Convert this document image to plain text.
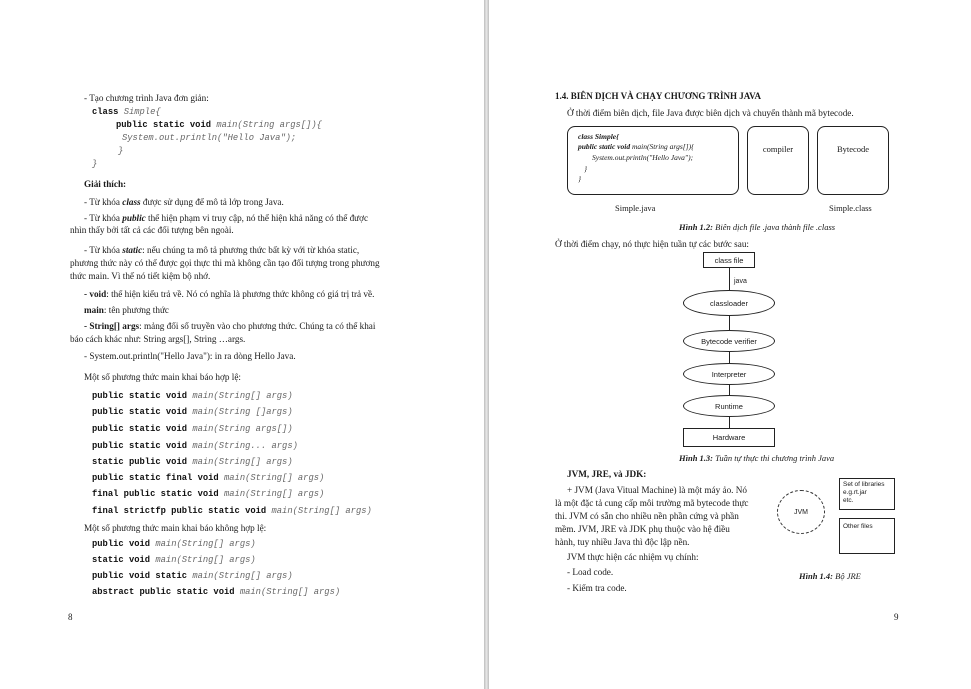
- Tạo chương trình Java đơn giản:
class Simple{
public static void main(String args[]){
System.out.println("Hello Java");
}
}
Giải thích:
- Từ khóa class được sử dụng để mô tả lớp trong Java.
- Từ khóa public thể hiện phạm vi truy cập, nó thể hiện khả năng có thể được
nhìn thấy bởi tất cả các đối tượng bên ngoài.
- Từ khóa static: nếu chúng ta mô tả phương thức bất kỳ với từ khóa static,
phương thức này có thể được gọi thực thi mà không cần tạo đối tượng trong phương
thức main. Vì thế nó tiết kiệm bộ nhớ.
- void: thể hiện kiểu trả về. Nó có nghĩa là phương thức không có giá trị trả về.
main: tên phương thức
- String[] args: mảng đối số truyền vào cho phương thức. Chúng ta có thể khai
báo cách khác như: String args[], String …args.
- System.out.println("Hello Java"): in ra dòng Hello Java.
Một số phương thức main khai báo hợp lệ:
public static void main(String[] args)
public static void main(String []args)
public static void main(String args[])
public static void main(String... args)
static public void main(String[] args)
public static final void main(String[] args)
final public static void main(String[] args)
final strictfp public static void main(String[] args)
Một số phương thức main khai báo không hợp lệ:
public void main(String[] args)
static void main(String[] args)
public void static main(String[] args)
abstract public static void main(String[] args)
8
1.4. BIÊN DỊCH VÀ CHẠY CHƯƠNG TRÌNH JAVA
Ở thời điểm biên dịch, file Java được biên dịch và chuyển thành mã bytecode.
class Simple{
public static void main(String args[]){
System.out.println("Hello Java");
}
}
compiler	Bytecode
Simple.java	Simple.class
Hình 1.2: Biên dịch file .java thành file .class
Ở thời điểm chạy, nó thực hiện tuần tự các bước sau:
class file
java
classloader
Bytecode verifier
Interpreter
Runtime
Hardware
Hình 1.3: Tuần tự thực thi chương trình Java
JVM, JRE, và JDK:
+ JVM (Java Vitual Machine) là một máy ảo. Nó
là một đặc tả cung cấp môi trường mã bytecode thực
thi. JVM có sẵn cho nhiều nền phần cứng và phần
mềm. JVM, JRE và JDK phụ thuộc vào hệ điều
hành, tuy nhiều Java thì độc lập nền.
JVM thực hiện các nhiệm vụ chính:
- Load code.
- Kiểm tra code.
JVM
Set of libraries
e.g.rt.jar
etc.
Other files
Hình 1.4: Bộ JRE
9
